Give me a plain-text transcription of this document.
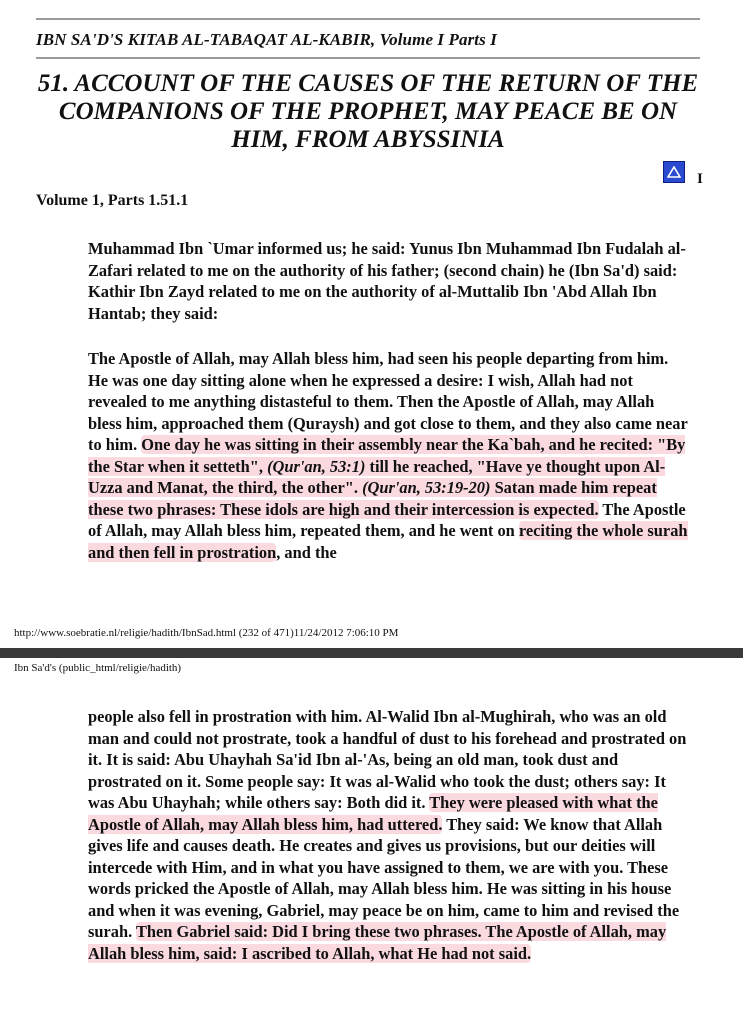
IBN SA'D'S KITAB AL-TABAQAT AL-KABIR, Volume I Parts I
51. ACCOUNT OF THE CAUSES OF THE RETURN OF THE COMPANIONS OF THE PROPHET, MAY PEACE BE ON HIM, FROM ABYSSINIA
I
Volume 1, Parts 1.51.1

Muhammad Ibn `Umar informed us; he said: Yunus Ibn Muhammad Ibn Fudalah al-Zafari related to me on the authority of his father; (second chain) he (Ibn Sa'd) said: Kathir Ibn Zayd related to me on the authority of al-Muttalib Ibn 'Abd Allah Ibn Hantab; they said:

The Apostle of Allah, may Allah bless him, had seen his people departing from him. He was one day sitting alone when he expressed a desire: I wish, Allah had not revealed to me anything distasteful to them. Then the Apostle of Allah, may Allah bless him, approached them (Quraysh) and got close to them, and they also came near to him. One day he was sitting in their assembly near the Ka`bah, and he recited: "By the Star when it setteth", (Qur'an, 53:1) till he reached, "Have ye thought upon Al-Uzza and Manat, the third, the other". (Qur'an, 53:19-20) Satan made him repeat these two phrases: These idols are high and their intercession is expected. The Apostle of Allah, may Allah bless him, repeated them, and he went on reciting the whole surah and then fell in prostration, and the

http://www.soebratie.nl/religie/hadith/IbnSad.html (232 of 471)11/24/2012 7:06:10 PM
Ibn Sa'd's (public_html/religie/hadith)

people also fell in prostration with him. Al-Walid Ibn al-Mughirah, who was an old man and could not prostrate, took a handful of dust to his forehead and prostrated on it. It is said: Abu Uhayhah Sa'id Ibn al-'As, being an old man, took dust and prostrated on it. Some people say: It was al-Walid who took the dust; others say: It was Abu Uhayhah; while others say: Both did it. They were pleased with what the Apostle of Allah, may Allah bless him, had uttered. They said: We know that Allah gives life and causes death. He creates and gives us provisions, but our deities will intercede with Him, and in what you have assigned to them, we are with you. These words pricked the Apostle of Allah, may Allah bless him. He was sitting in his house and when it was evening, Gabriel, may peace be on him, came to him and revised the surah. Then Gabriel said: Did I bring these two phrases. The Apostle of Allah, may Allah bless him, said: I ascribed to Allah, what He had not said.
